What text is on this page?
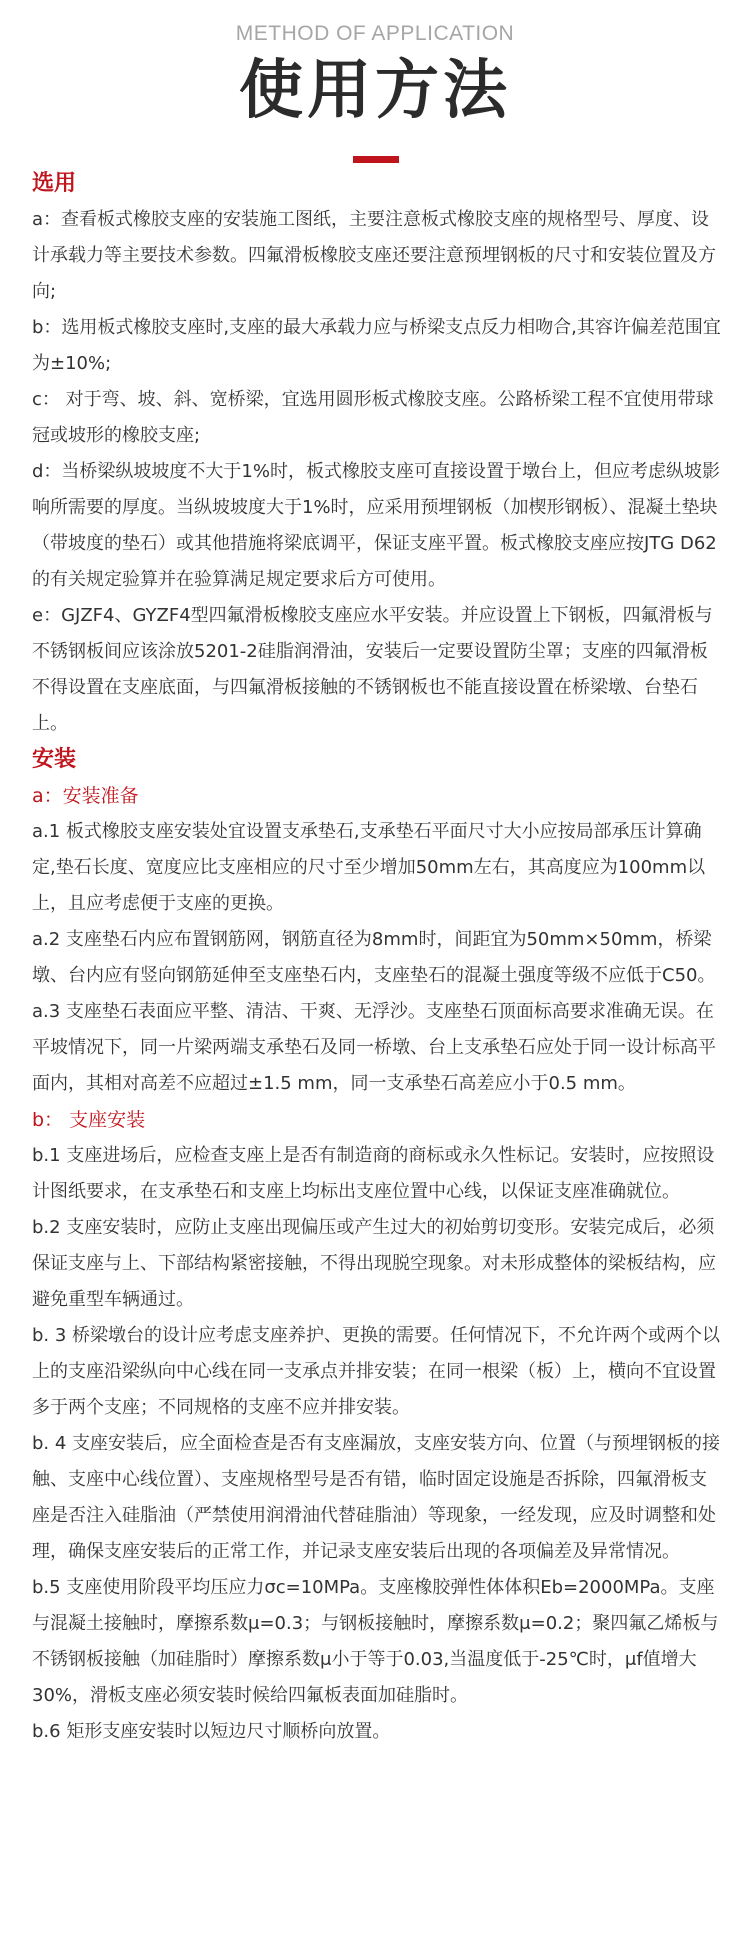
METHOD OF APPLICATION
使用方法

选用

a：查看板式橡胶支座的安装施工图纸，主要注意板式橡胶支座的规格型号、厚度、设计承载力等主要技术参数。四氟滑板橡胶支座还要注意预埋钢板的尺寸和安装位置及方向;

b：选用板式橡胶支座时,支座的最大承载力应与桥梁支点反力相吻合,其容许偏差范围宜为±10%;

c： 对于弯、坡、斜、宽桥梁，宜选用圆形板式橡胶支座。公路桥梁工程不宜使用带球冠或坡形的橡胶支座;

d：当桥梁纵坡坡度不大于1%时，板式橡胶支座可直接设置于墩台上，但应考虑纵坡影响所需要的厚度。当纵坡坡度大于1%时，应采用预埋钢板（加楔形钢板）、混凝土垫块（带坡度的垫石）或其他措施将梁底调平，保证支座平置。板式橡胶支座应按JTG D62的有关规定验算并在验算满足规定要求后方可使用。

e：GJZF4、GYZF4型四氟滑板橡胶支座应水平安装。并应设置上下钢板，四氟滑板与不锈钢板间应该涂放5201-2硅脂润滑油，安装后一定要设置防尘罩；支座的四氟滑板不得设置在支座底面，与四氟滑板接触的不锈钢板也不能直接设置在桥梁墩、台垫石上。

安装

a：安装准备

a.1 板式橡胶支座安装处宜设置支承垫石,支承垫石平面尺寸大小应按局部承压计算确定,垫石长度、宽度应比支座相应的尺寸至少增加50mm左右，其高度应为100mm以上，且应考虑便于支座的更换。

a.2 支座垫石内应布置钢筋网，钢筋直径为8mm时，间距宜为50mm×50mm，桥梁墩、台内应有竖向钢筋延伸至支座垫石内，支座垫石的混凝土强度等级不应低于C50。

a.3 支座垫石表面应平整、清洁、干爽、无浮沙。支座垫石顶面标高要求准确无误。在平坡情况下，同一片梁两端支承垫石及同一桥墩、台上支承垫石应处于同一设计标高平面内，其相对高差不应超过±1.5 mm，同一支承垫石高差应小于0.5 mm。

b： 支座安装

b.1 支座进场后，应检查支座上是否有制造商的商标或永久性标记。安装时，应按照设计图纸要求，在支承垫石和支座上均标出支座位置中心线，以保证支座准确就位。

b.2 支座安装时，应防止支座出现偏压或产生过大的初始剪切变形。安装完成后，必须保证支座与上、下部结构紧密接触，不得出现脱空现象。对未形成整体的梁板结构，应避免重型车辆通过。

b. 3 桥梁墩台的设计应考虑支座养护、更换的需要。任何情况下，不允许两个或两个以上的支座沿梁纵向中心线在同一支承点并排安装；在同一根梁（板）上，横向不宜设置多于两个支座；不同规格的支座不应并排安装。

b. 4 支座安装后，应全面检查是否有支座漏放，支座安装方向、位置（与预埋钢板的接触、支座中心线位置）、支座规格型号是否有错，临时固定设施是否拆除，四氟滑板支座是否注入硅脂油（严禁使用润滑油代替硅脂油）等现象，一经发现，应及时调整和处理，确保支座安装后的正常工作，并记录支座安装后出现的各项偏差及异常情况。

b.5 支座使用阶段平均压应力σc=10MPa。支座橡胶弹性体体积Eb=2000MPa。支座与混凝土接触时，摩擦系数μ=0.3；与钢板接触时，摩擦系数μ=0.2；聚四氟乙烯板与不锈钢板接触（加硅脂时）摩擦系数μ小于等于0.03,当温度低于-25℃时，μf值增大30%，滑板支座必须安装时候给四氟板表面加硅脂时。

b.6 矩形支座安装时以短边尺寸顺桥向放置。
